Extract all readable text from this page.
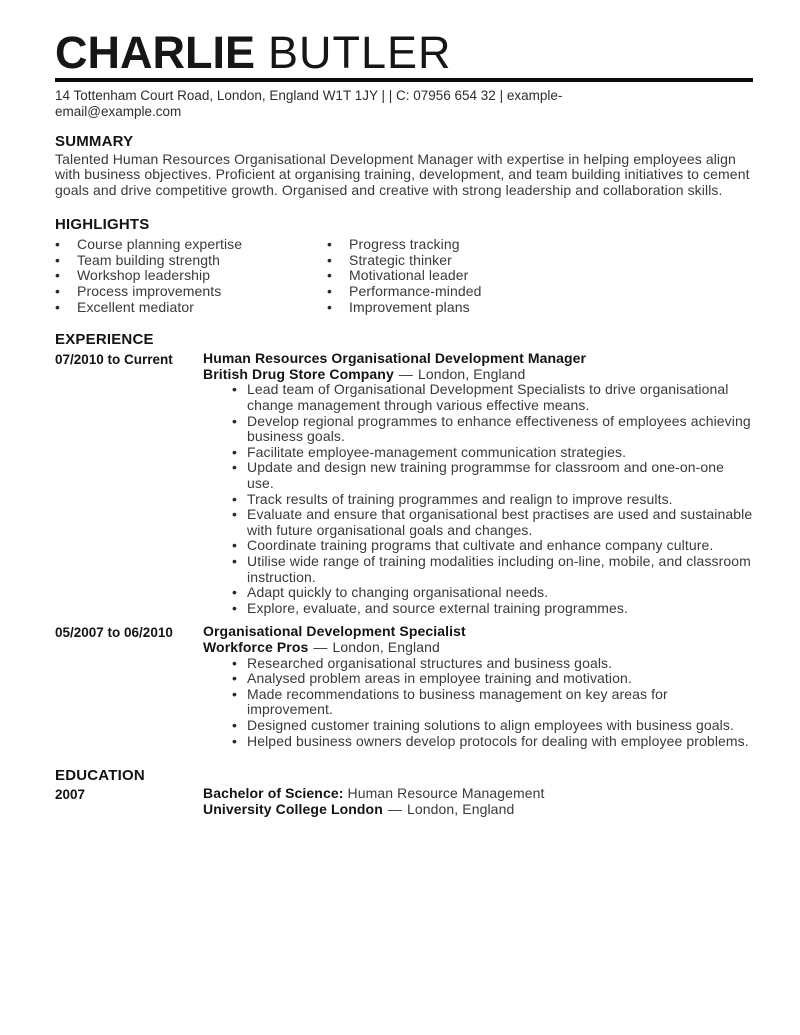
CHARLIE BUTLER

14 Tottenham Court Road, London, England W1T 1JY | | C: 07956 654 32 | example-
email@example.com

SUMMARY

Talented Human Resources Organisational Development Manager with expertise in helping employees align with business objectives. Proficient at organising training, development, and team building initiatives to cement goals and drive competitive growth. Organised and creative with strong leadership and collaboration skills.

HIGHLIGHTS
•
Course planning expertise
•
Team building strength
•
Workshop leadership
•
Process improvements
•
Excellent mediator
•
Progress tracking
•
Strategic thinker
•
Motivational leader
•
Performance-minded
•
Improvement plans
EXPERIENCE
07/2010 to Current	Human Resources Organisational Development Manager
British Drug Store Company — London, England
•
Lead team of Organisational Development Specialists to drive organisational change management through various effective means.
•
Develop regional programmes to enhance effectiveness of employees achieving business goals.
•
Facilitate employee-management communication strategies.
•
Update and design new training programmse for classroom and one-on-one use.
•
Track results of training programmes and realign to improve results.
•
Evaluate and ensure that organisational best practises are used and sustainable with future organisational goals and changes.
•
Coordinate training programs that cultivate and enhance company culture.
•
Utilise wide range of training modalities including on-line, mobile, and classroom instruction.
•
Adapt quickly to changing organisational needs.
•
Explore, evaluate, and source external training programmes.
05/2007 to 06/2010	Organisational Development Specialist
Workforce Pros — London, England
•
Researched organisational structures and business goals.
•
Analysed problem areas in employee training and motivation.
•
Made recommendations to business management on key areas for improvement.
•
Designed customer training solutions to align employees with business goals.
•
Helped business owners develop protocols for dealing with employee problems.
EDUCATION
2007	Bachelor of Science: Human Resource Management
University College London — London, England
